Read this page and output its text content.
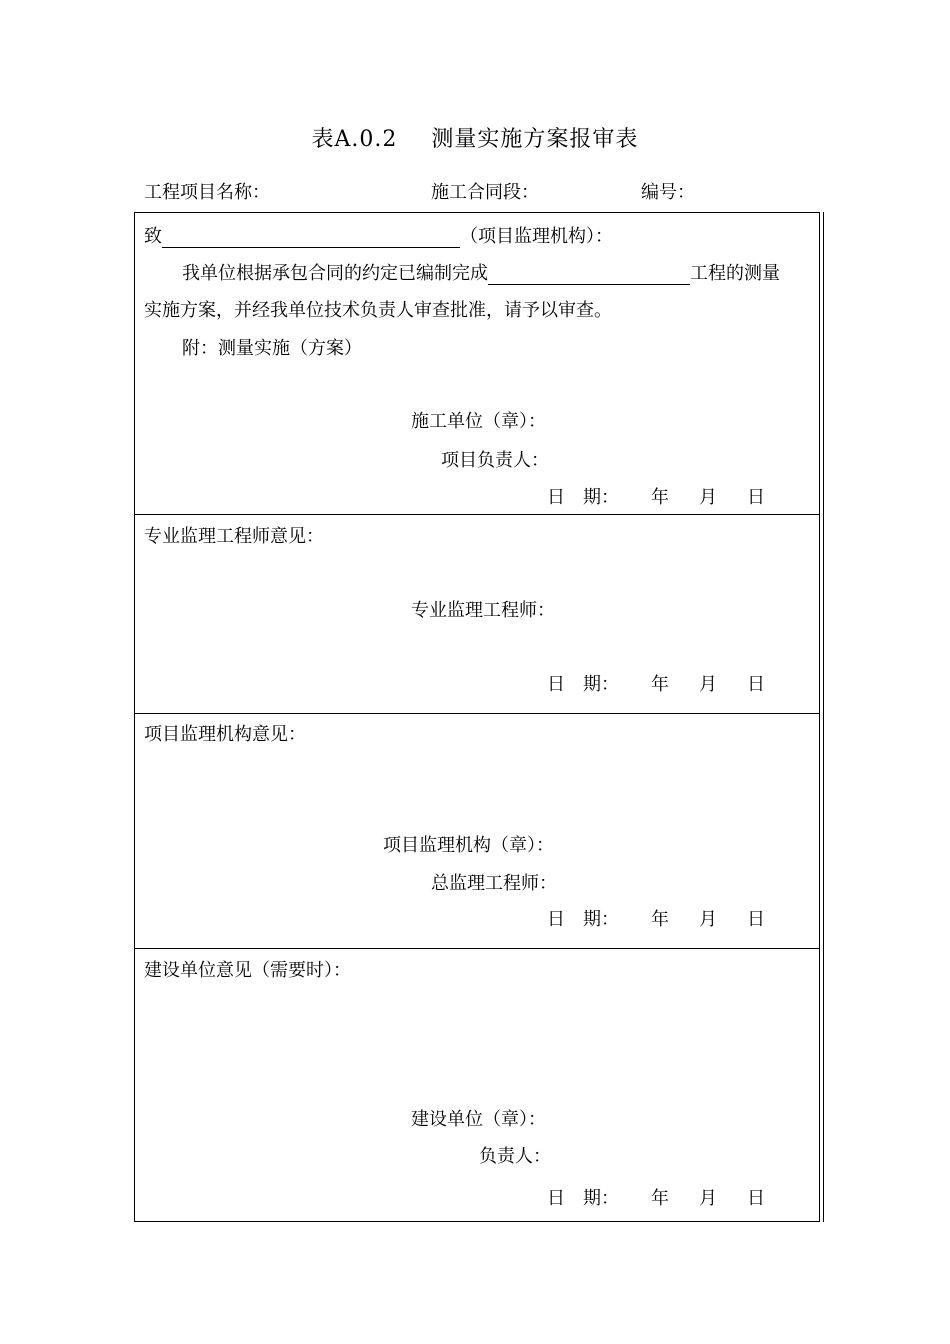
表A.0.2 测量实施方案报审表
工程项目名称：	施工合同段：	编号：
致	（项目监理机构）：
我单位根据承包合同的约定已编制完成	工程的测量
实施方案，并经我单位技术负责人审查批准，请予以审查。
附：测量实施（方案）
施工单位（章）：
项目负责人：
日 期： 年 月 日
专业监理工程师意见：
专业监理工程师：
日 期： 年 月 日
项目监理机构意见：
项目监理机构（章）：
总监理工程师：
日 期： 年 月 日
建设单位意见（需要时）：
建设单位（章）：
负责人：
日 期： 年 月 日
